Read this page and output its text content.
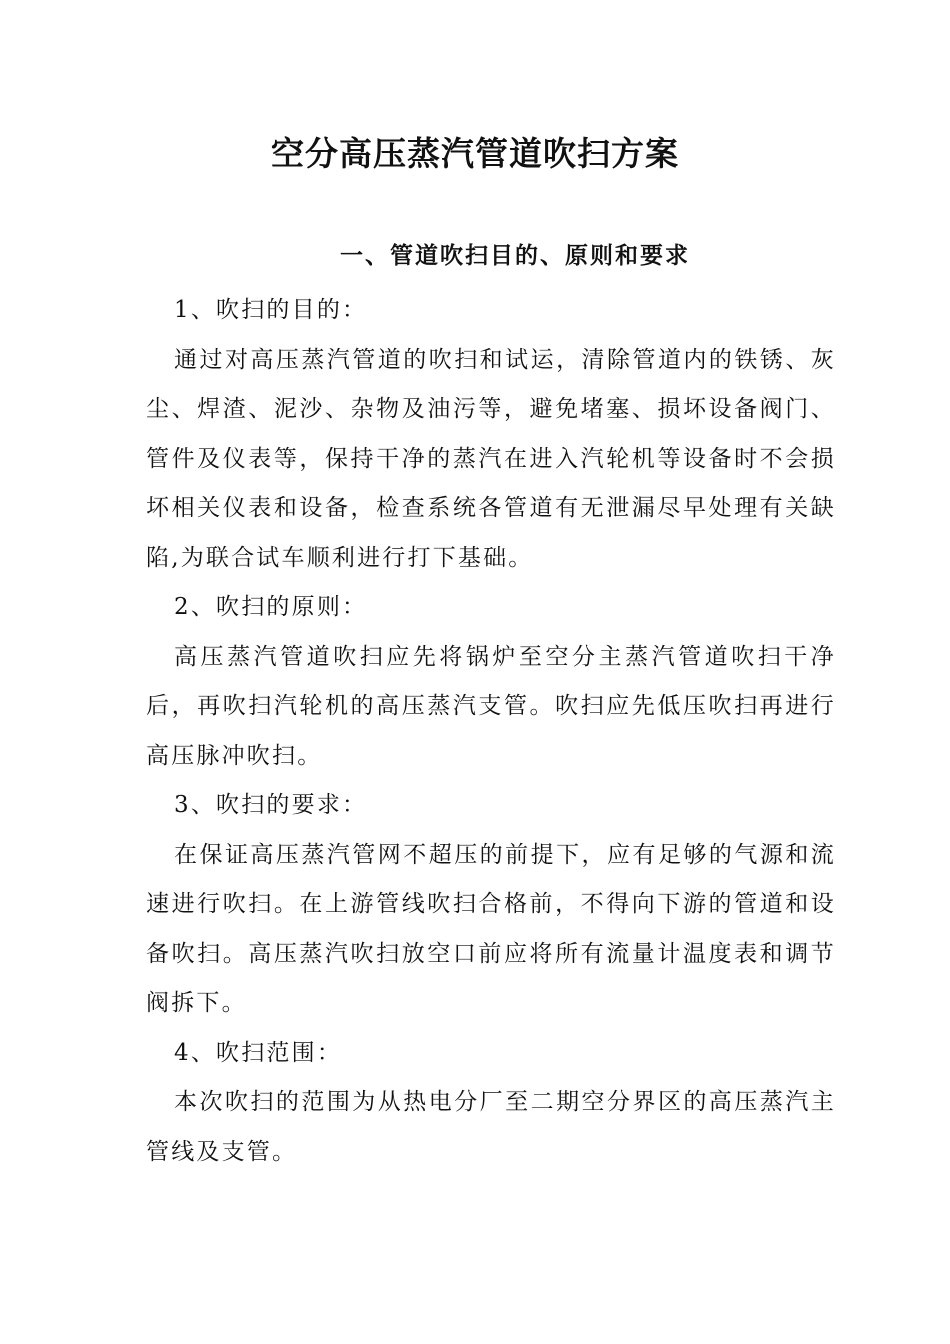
空分高压蒸汽管道吹扫方案
一、管道吹扫目的、原则和要求

1、吹扫的目的：

通过对高压蒸汽管道的吹扫和试运，清除管道内的铁锈、灰尘、焊渣、泥沙、杂物及油污等，避免堵塞、损坏设备阀门、管件及仪表等，保持干净的蒸汽在进入汽轮机等设备时不会损坏相关仪表和设备，检查系统各管道有无泄漏尽早处理有关缺陷,为联合试车顺利进行打下基础。

2、吹扫的原则：

高压蒸汽管道吹扫应先将锅炉至空分主蒸汽管道吹扫干净后，再吹扫汽轮机的高压蒸汽支管。吹扫应先低压吹扫再进行高压脉冲吹扫。

3、吹扫的要求：

在保证高压蒸汽管网不超压的前提下，应有足够的气源和流速进行吹扫。在上游管线吹扫合格前，不得向下游的管道和设备吹扫。高压蒸汽吹扫放空口前应将所有流量计温度表和调节阀拆下。

4、吹扫范围：

本次吹扫的范围为从热电分厂至二期空分界区的高压蒸汽主管线及支管。
